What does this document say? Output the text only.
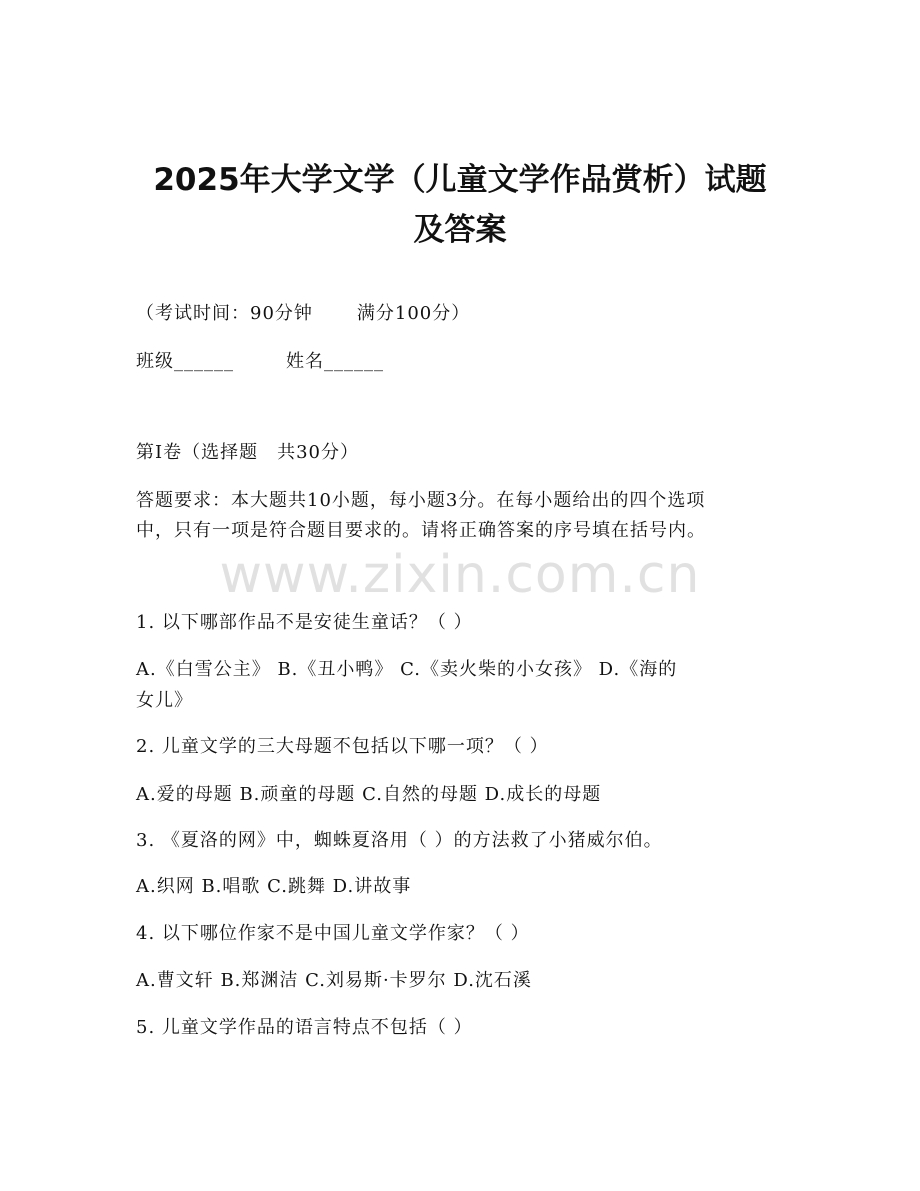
2025年大学文学（儿童文学作品赏析）试题
及答案
（考试时间：90分钟 满分100分）
班级______	姓名______
第I卷（选择题　共30分）
答题要求：本大题共10小题，每小题3分。在每小题给出的四个选项
中，只有一项是符合题目要求的。请将正确答案的序号填在括号内。
www.zixin.com.cn
1. 以下哪部作品不是安徒生童话？（ ）
A.《白雪公主》 B.《丑小鸭》 C.《卖火柴的小女孩》 D.《海的
女儿》
2. 儿童文学的三大母题不包括以下哪一项？（ ）
A.爱的母题 B.顽童的母题 C.自然的母题 D.成长的母题
3. 《夏洛的网》中，蜘蛛夏洛用（ ）的方法救了小猪威尔伯。
A.织网 B.唱歌 C.跳舞 D.讲故事
4. 以下哪位作家不是中国儿童文学作家？（ ）
A.曹文轩 B.郑渊洁 C.刘易斯·卡罗尔 D.沈石溪
5. 儿童文学作品的语言特点不包括（ ）
